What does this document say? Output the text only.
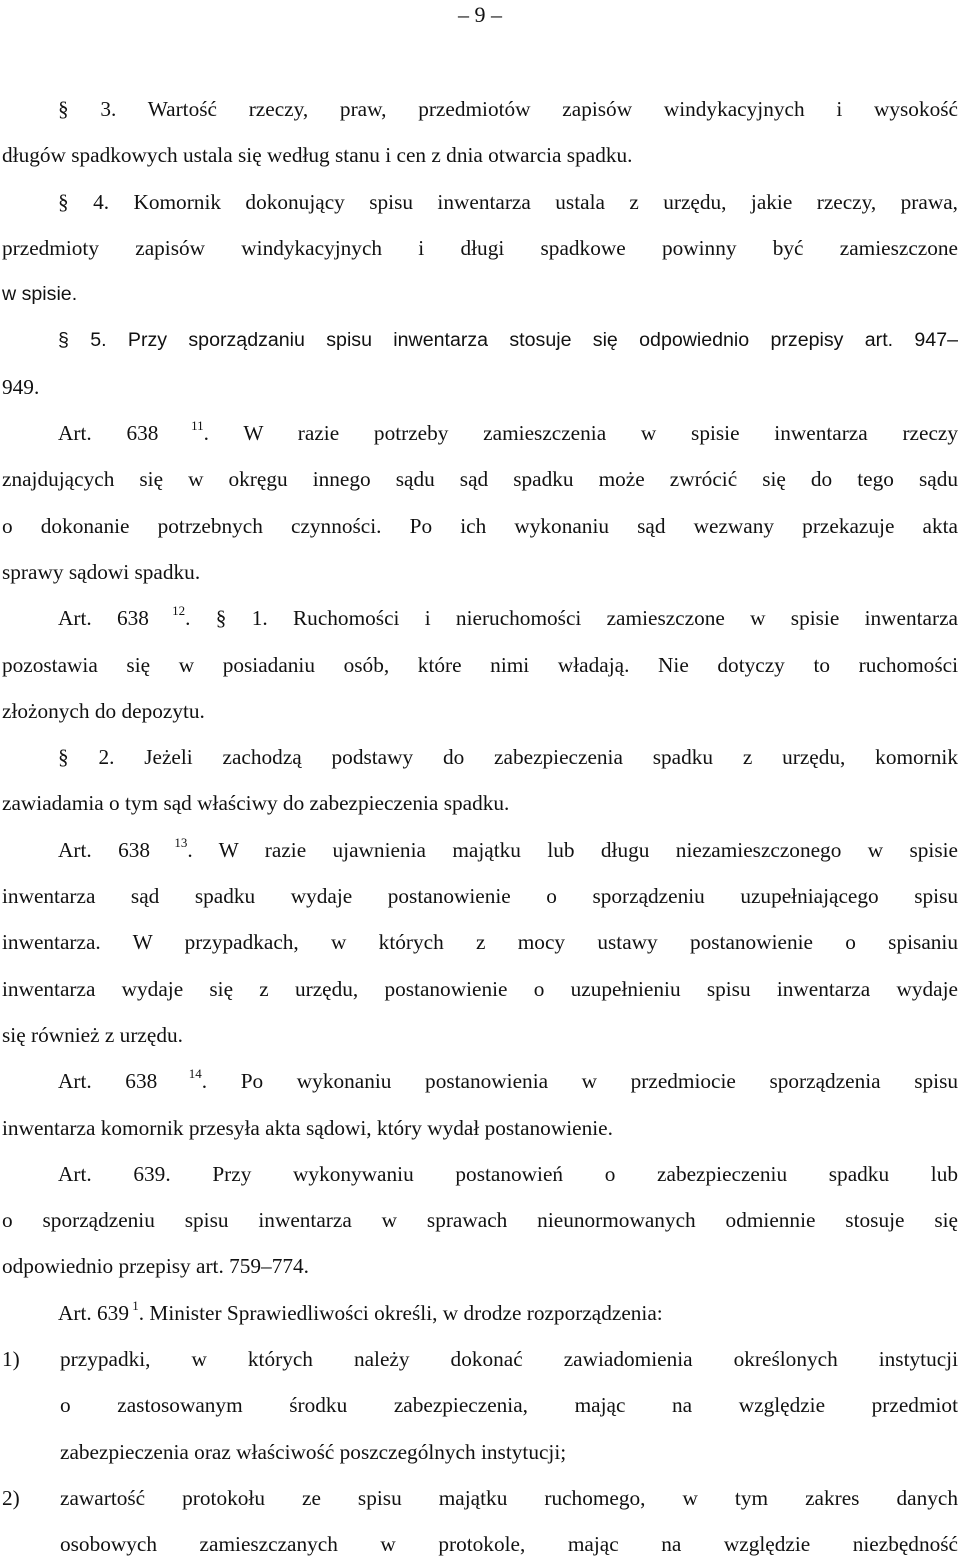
– 9 –
§ 3. Wartość rzeczy, praw, przedmiotów zapisów windykacyjnych i wysokość
długów spadkowych ustala się według stanu i cen z dnia otwarcia spadku.
§ 4. Komornik dokonujący spisu inwentarza ustala z urzędu, jakie rzeczy, prawa,
przedmioty zapisów windykacyjnych i długi spadkowe powinny być zamieszczone
w spisie.
§ 5. Przy sporządzaniu spisu inwentarza stosuje się odpowiednio przepisy art. 947–
949.
Art. 638	$^{11}$. W razie potrzeby zamieszczenia w spisie inwentarza rzeczy
znajdujących się w okręgu innego sądu sąd spadku może zwrócić się do tego sądu
o dokonanie potrzebnych czynności. Po ich wykonaniu sąd wezwany przekazuje akta
sprawy sądowi spadku.
Art. 638 $^{12}$. § 1. Ruchomości i nieruchomości zamieszczone w spisie inwentarza
pozostawia się w posiadaniu osób, które nimi władają. Nie dotyczy to ruchomości
złożonych do depozytu.
§ 2. Jeżeli zachodzą podstawy do zabezpieczenia spadku z urzędu, komornik
zawiadamia o tym sąd właściwy do zabezpieczenia spadku.
Art. 638 $^{13}$. W razie ujawnienia majątku lub długu niezamieszczonego w spisie
inwentarza sąd spadku wydaje postanowienie o sporządzeniu uzupełniającego spisu
inwentarza. W przypadkach, w których z mocy ustawy postanowienie o spisaniu
inwentarza wydaje się z urzędu, postanowienie o uzupełnieniu spisu inwentarza wydaje
się również z urzędu.
Art. 638 $^{14}$. Po wykonaniu postanowienia w przedmiocie sporządzenia spisu
inwentarza komornik przesyła akta sądowi, który wydał postanowienie.
Art. 639. Przy wykonywaniu postanowień o zabezpieczeniu spadku lub
o sporządzeniu spisu inwentarza w sprawach nieunormowanych odmiennie stosuje się
odpowiednio przepisy art. 759–774.
Art. 639 $^1$. Minister Sprawiedliwości określi, w drodze rozporządzenia:
1) przypadki, w których należy dokonać zawiadomienia określonych instytucji
o zastosowanym środku zabezpieczenia, mając na względzie przedmiot
zabezpieczenia oraz właściwość poszczególnych instytucji;
2) zawartość protokołu ze spisu majątku ruchomego, w tym zakres danych
osobowych zamieszczanych w protokole, mając na względzie niezbędność
